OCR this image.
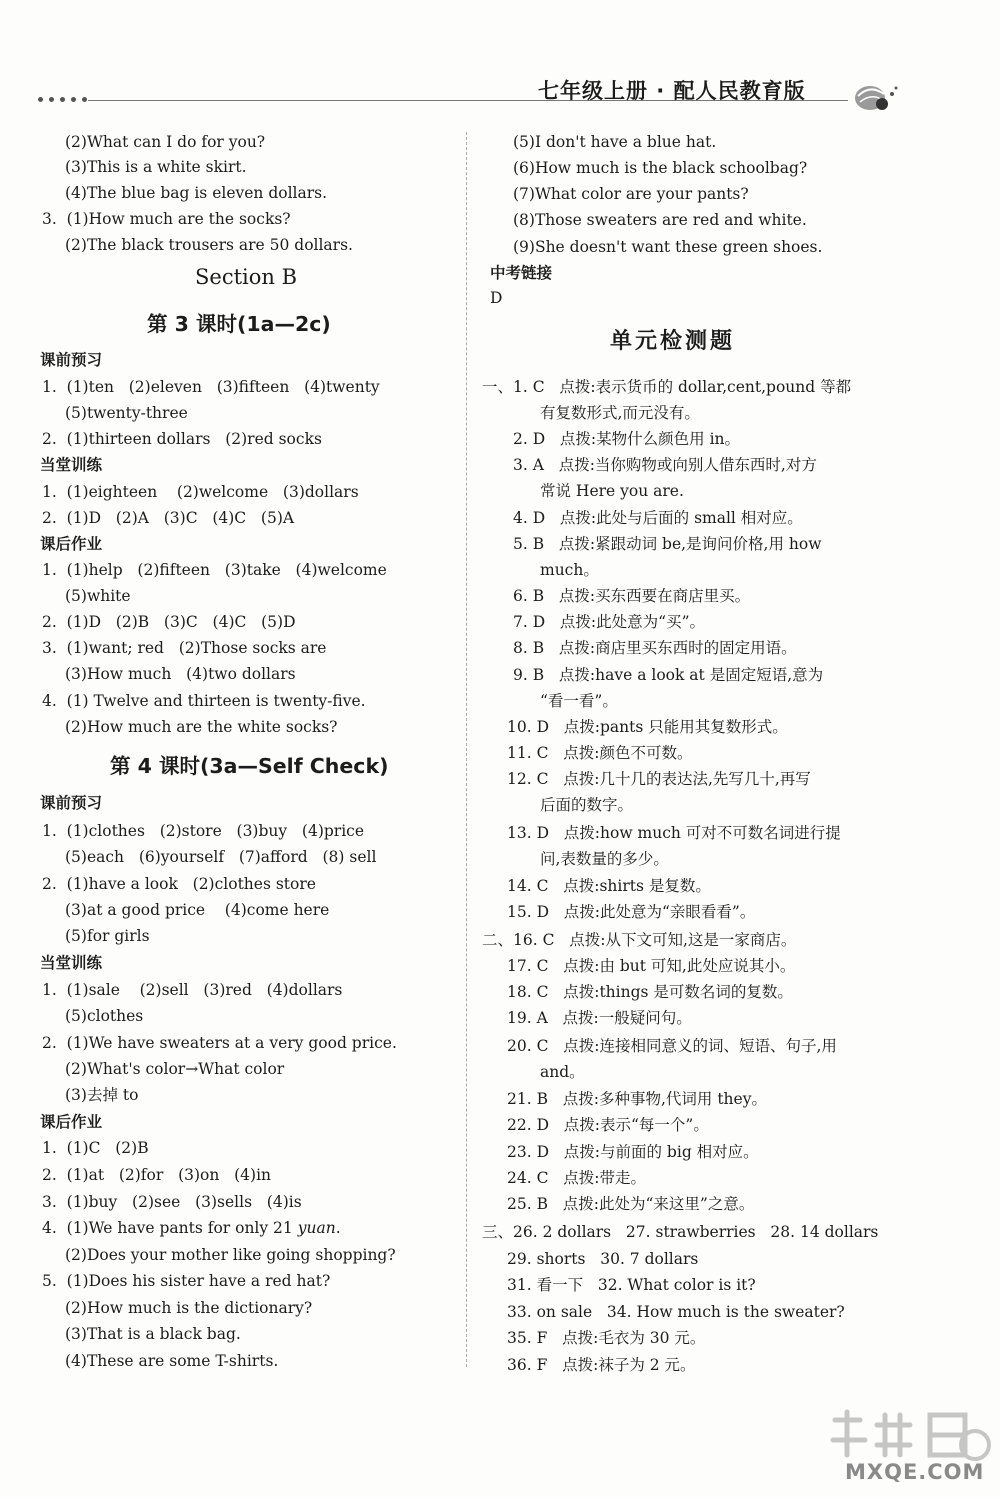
七年级上册 · 配人民教育版
(2)What can I do for you?
(3)This is a white skirt.
(4)The blue bag is eleven dollars.
3.  (1)How much are the socks?
(2)The black trousers are 50 dollars.
Section B
第 3 课时(1a—2c)
课前预习
1.  (1)ten   (2)eleven   (3)fifteen   (4)twenty
(5)twenty-three
2.  (1)thirteen dollars   (2)red socks
当堂训练
1.  (1)eighteen    (2)welcome   (3)dollars
2.  (1)D   (2)A   (3)C   (4)C   (5)A
课后作业
1.  (1)help   (2)fifteen   (3)take   (4)welcome
(5)white
2.  (1)D   (2)B   (3)C   (4)C   (5)D
3.  (1)want; red   (2)Those socks are
(3)How much   (4)two dollars
4.  (1) Twelve and thirteen is twenty-five.
(2)How much are the white socks?
第 4 课时(3a—Self Check)
课前预习
1.  (1)clothes   (2)store   (3)buy   (4)price
(5)each   (6)yourself   (7)afford   (8) sell
2.  (1)have a look   (2)clothes store
(3)at a good price    (4)come here
(5)for girls
当堂训练
1.  (1)sale    (2)sell   (3)red   (4)dollars
(5)clothes
2.  (1)We have sweaters at a very good price.
(2)What's color→What color
(3)去掉 to
课后作业
1.  (1)C   (2)B
2.  (1)at   (2)for   (3)on   (4)in
3.  (1)buy   (2)see   (3)sells   (4)is
4.  (1)We have pants for only 21 yuan.
(2)Does your mother like going shopping?
5.  (1)Does his sister have a red hat?
(2)How much is the dictionary?
(3)That is a black bag.
(4)These are some T-shirts.
(5)I don't have a blue hat.
(6)How much is the black schoolbag?
(7)What color are your pants?
(8)Those sweaters are red and white.
(9)She doesn't want these green shoes.
中考链接
D
单元检测题
一、1. C   点拨:表示货币的 dollar,cent,pound 等都
有复数形式,而元没有。
2. D   点拨:某物什么颜色用 in。
3. A   点拨:当你购物或向别人借东西时,对方
常说 Here you are.
4. D   点拨:此处与后面的 small 相对应。
5. B   点拨:紧跟动词 be,是询问价格,用 how
much。
6. B   点拨:买东西要在商店里买。
7. D   点拨:此处意为“买”。
8. B   点拨:商店里买东西时的固定用语。
9. B   点拨:have a look at 是固定短语,意为
“看一看”。
10. D   点拨:pants 只能用其复数形式。
11. C   点拨:颜色不可数。
12. C   点拨:几十几的表达法,先写几十,再写
后面的数字。
13. D   点拨:how much 可对不可数名词进行提
问,表数量的多少。
14. C   点拨:shirts 是复数。
15. D   点拨:此处意为“亲眼看看”。
二、16. C   点拨:从下文可知,这是一家商店。
17. C   点拨:由 but 可知,此处应说其小。
18. C   点拨:things 是可数名词的复数。
19. A   点拨:一般疑问句。
20. C   点拨:连接相同意义的词、短语、句子,用
and。
21. B   点拨:多种事物,代词用 they。
22. D   点拨:表示“每一个”。
23. D   点拨:与前面的 big 相对应。
24. C   点拨:带走。
25. B   点拨:此处为“来这里”之意。
三、26. 2 dollars   27. strawberries   28. 14 dollars
29. shorts   30. 7 dollars
31. 看一下   32. What color is it?
33. on sale   34. How much is the sweater?
35. F   点拨:毛衣为 30 元。
36. F   点拨:袜子为 2 元。
MXQE.COM
